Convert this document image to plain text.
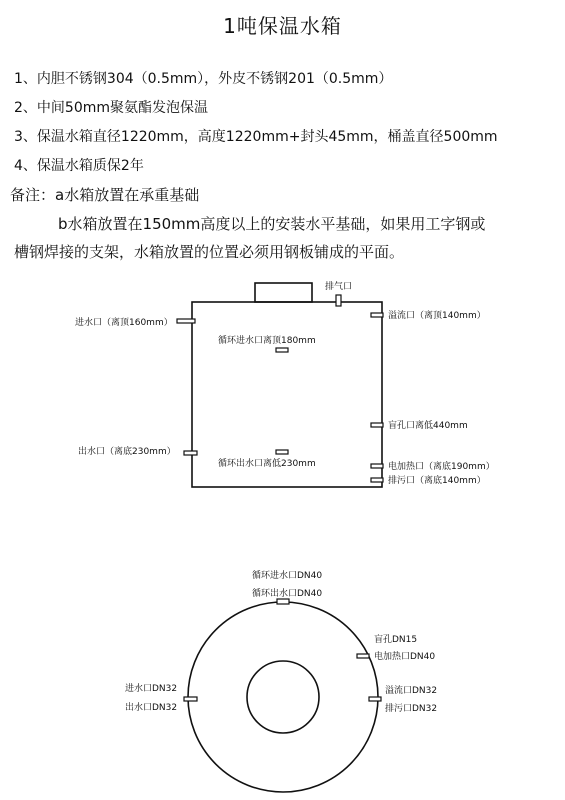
1吨保温水箱
1、内胆不锈钢304（0.5mm），外皮不锈钢201（0.5mm）
2、中间50mm聚氨酯发泡保温
3、保温水箱直径1220mm，高度1220mm+封头45mm，桶盖直径500mm
4、保温水箱质保2年
备注：a水箱放置在承重基础
b水箱放置在150mm高度以上的安装水平基础，如果用工字钢或
槽钢焊接的支架，水箱放置的位置必须用钢板铺成的平面。
排气口
进水口（离顶160mm）
溢流口（离顶140mm）
循环进水口离顶180mm
盲孔口离低440mm
出水口（离底230mm）
循环出水口离低230mm	电加热口（离底190mm）
排污口（离底140mm）
循环进水口DN40
循环出水口DN40
盲孔DN15
电加热口DN40
进水口DN32
出水口DN32
溢流口DN32
排污口DN32
